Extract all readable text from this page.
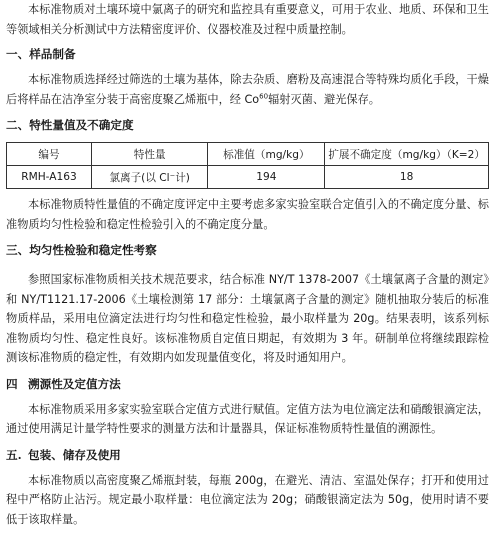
本标准物质对土壤环境中氯离子的研究和监控具有重要意义，可用于农业、地质、环保和卫生等领域相关分析测试中方法精密度评价、仪器校准及过程中质量控制。

一、样品制备

本标准物质选择经过筛选的土壤为基体，除去杂质、磨粉及高速混合等特殊均质化手段，干燥后将样品在洁净室分装于高密度聚乙烯瓶中，经 Co$^{60}$辐射灭菌、避光保存。

二、特性量值及不确定度
编号	特性量	标准值（mg/kg）	扩展不确定度（mg/kg）（K=2）
RMH-A163	氯离子(以 Cl⁻计)	194	18

本标准物质特性量值的不确定度评定中主要考虑多家实验室联合定值引入的不确定度分量、标准物质均匀性检验和稳定性检验引入的不确定度分量。

三、均匀性检验和稳定性考察

参照国家标准物质相关技术规范要求，结合标准 NY/T 1378-2007《土壤氯离子含量的测定》和 NY/T1121.17-2006《土壤检测第 17 部分：土壤氯离子含量的测定》随机抽取分装后的标准物质样品，采用电位滴定法进行均匀性和稳定性检验，最小取样量为 20g。结果表明，该系列标准物质均匀性、稳定性良好。该标准物质自定值日期起，有效期为 3 年。研制单位将继续跟踪检测该标准物质的稳定性，有效期内如发现量值变化，将及时通知用户。

四 溯源性及定值方法

本标准物质采用多家实验室联合定值方式进行赋值。定值方法为电位滴定法和硝酸银滴定法，通过使用满足计量学特性要求的测量方法和计量器具，保证标准物质特性量值的溯源性。

五. 包装、储存及使用

本标准物质以高密度聚乙烯瓶封装，每瓶 200g，在避光、清洁、室温处保存；打开和使用过程中严格防止沾污。规定最小取样量：电位滴定法为 20g；硝酸银滴定法为 50g，使用时请不要低于该取样量。
